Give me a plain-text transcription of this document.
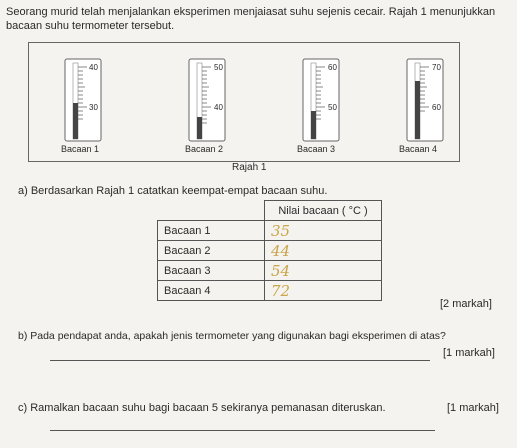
Seorang murid telah menjalankan eksperimen menjaiasat suhu sejenis cecair. Rajah 1 menunjukkan bacaan suhu termometer tersebut.
40
30
Bacaan 1
50
40
Bacaan 2
60
50
Bacaan 3
70
60
Bacaan 4
Rajah 1
a) Berdasarkan Rajah 1 catatkan keempat-empat bacaan suhu.
	Nilai bacaan ( °C )
Bacaan 1	35
Bacaan 2	44
Bacaan 3	54
Bacaan 4	72
[2 markah]
b) Pada pendapat anda, apakah jenis termometer yang digunakan bagi eksperimen di atas?
[1 markah]
c) Ramalkan bacaan suhu bagi bacaan 5 sekiranya pemanasan diteruskan.	[1 markah]
